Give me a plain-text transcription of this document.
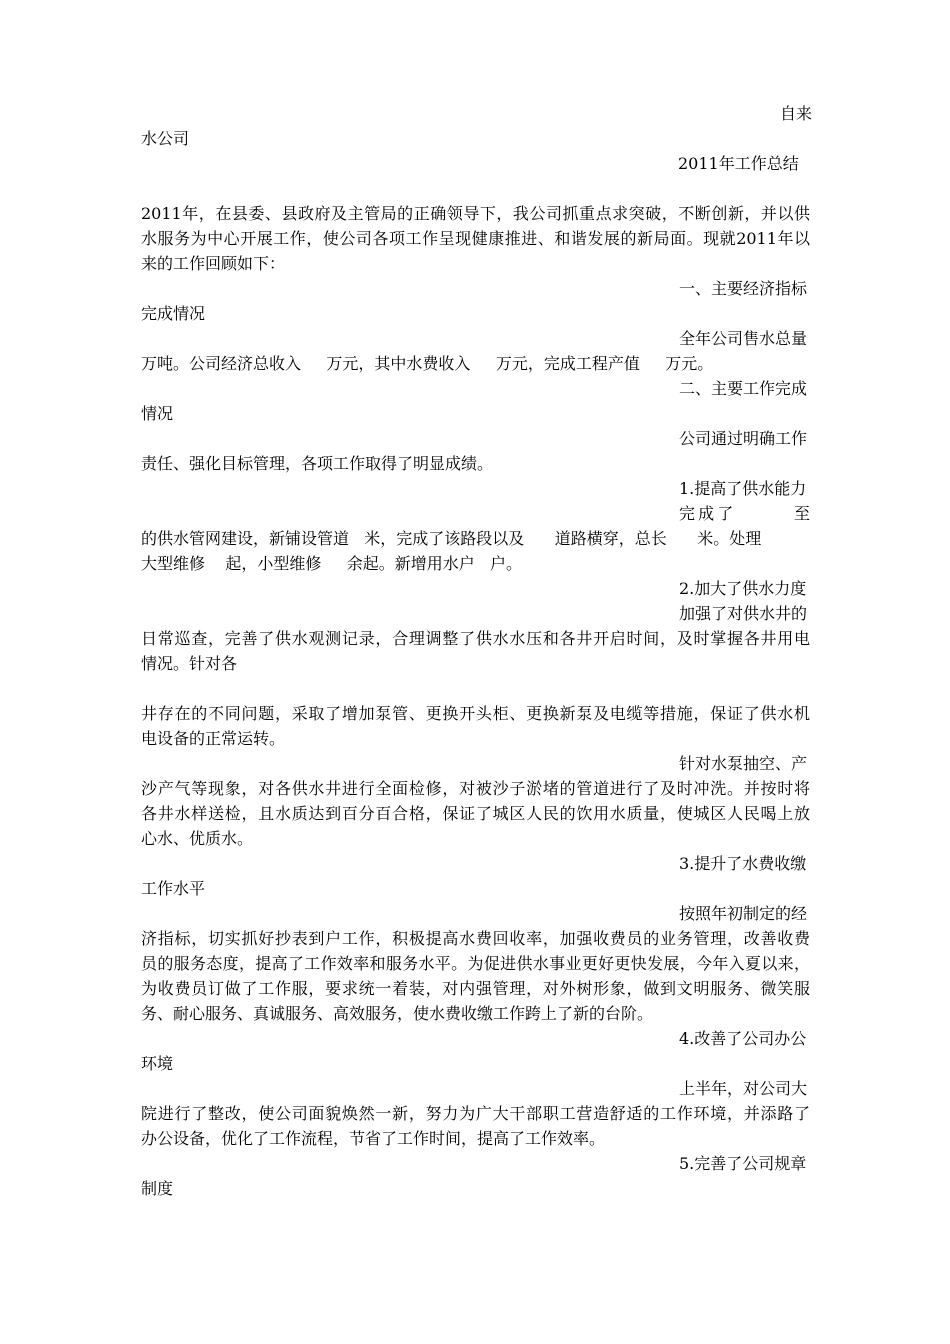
自来
水公司
2011年工作总结
2011年，在县委、县政府及主管局的正确领导下，我公司抓重点求突破，不断创新，并以供
水服务为中心开展工作，使公司各项工作呈现健康推进、和谐发展的新局面。现就2011年以
来的工作回顾如下：
一、主要经济指标
完成情况
全年公司售水总量
万吨。公司经济总收入     万元，其中水费收入     万元，完成工程产值     万元。
二、主要工作完成
情况
公司通过明确工作
责任、强化目标管理，各项工作取得了明显成绩。
1.提高了供水能力
完成了       至
的供水管网建设，新铺设管道   米，完成了该路段以及      道路横穿，总长      米。处理
大型维修    起，小型维修     余起。新增用水户   户。
2.加大了供水力度
加强了对供水井的
日常巡查，完善了供水观测记录，合理调整了供水水压和各井开启时间，及时掌握各井用电
情况。针对各
井存在的不同问题，采取了增加泵管、更换开头柜、更换新泵及电缆等措施，保证了供水机
电设备的正常运转。
针对水泵抽空、产
沙产气等现象，对各供水井进行全面检修，对被沙子淤堵的管道进行了及时冲洗。并按时将
各井水样送检，且水质达到百分百合格，保证了城区人民的饮用水质量，使城区人民喝上放
心水、优质水。
3.提升了水费收缴
工作水平
按照年初制定的经
济指标，切实抓好抄表到户工作，积极提高水费回收率，加强收费员的业务管理，改善收费
员的服务态度，提高了工作效率和服务水平。为促进供水事业更好更快发展，今年入夏以来，
为收费员订做了工作服，要求统一着装，对内强管理，对外树形象，做到文明服务、微笑服
务、耐心服务、真诚服务、高效服务，使水费收缴工作跨上了新的台阶。
4.改善了公司办公
环境
上半年，对公司大
院进行了整改，使公司面貌焕然一新，努力为广大干部职工营造舒适的工作环境，并添路了
办公设备，优化了工作流程，节省了工作时间，提高了工作效率。
5.完善了公司规章
制度
